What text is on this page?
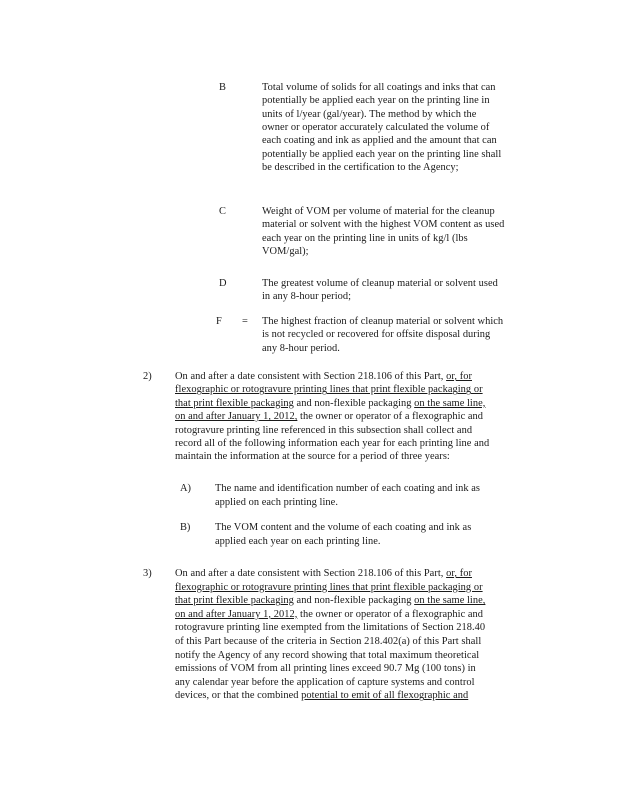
B	Total volume of solids for all coatings and inks that can
potentially be applied each year on the printing line in
units of l/year (gal/year). The method by which the
owner or operator accurately calculated the volume of
each coating and ink as applied and the amount that can
potentially be applied each year on the printing line shall
be described in the certification to the Agency;
C	Weight of VOM per volume of material for the cleanup
material or solvent with the highest VOM content as used
each year on the printing line in units of kg/l (lbs
VOM/gal);
D	The greatest volume of cleanup material or solvent used
in any 8-hour period;
F = The highest fraction of cleanup material or solvent which
is not recycled or recovered for offsite disposal during
any 8-hour period.
2) On and after a date consistent with Section 218.106 of this Part, or, for
flexographic or rotogravure printing lines that print flexible packaging or
that print flexible packaging and non-flexible packaging on the same line,
on and after January 1, 2012, the owner or operator of a flexographic and
rotogravure printing line referenced in this subsection shall collect and
record all of the following information each year for each printing line and
maintain the information at the source for a period of three years:
A) The name and identification number of each coating and ink as
applied on each printing line.
B) The VOM content and the volume of each coating and ink as
applied each year on each printing line.
3) On and after a date consistent with Section 218.106 of this Part, or, for
flexographic or rotogravure printing lines that print flexible packaging or
that print flexible packaging and non-flexible packaging on the same line,
on and after January 1, 2012, the owner or operator of a flexographic and
rotogravure printing line exempted from the limitations of Section 218.40
of this Part because of the criteria in Section 218.402(a) of this Part shall
notify the Agency of any record showing that total maximum theoretical
emissions of VOM from all printing lines exceed 90.7 Mg (100 tons) in
any calendar year before the application of capture systems and control
devices, or that the combined potential to emit of all flexographic and
